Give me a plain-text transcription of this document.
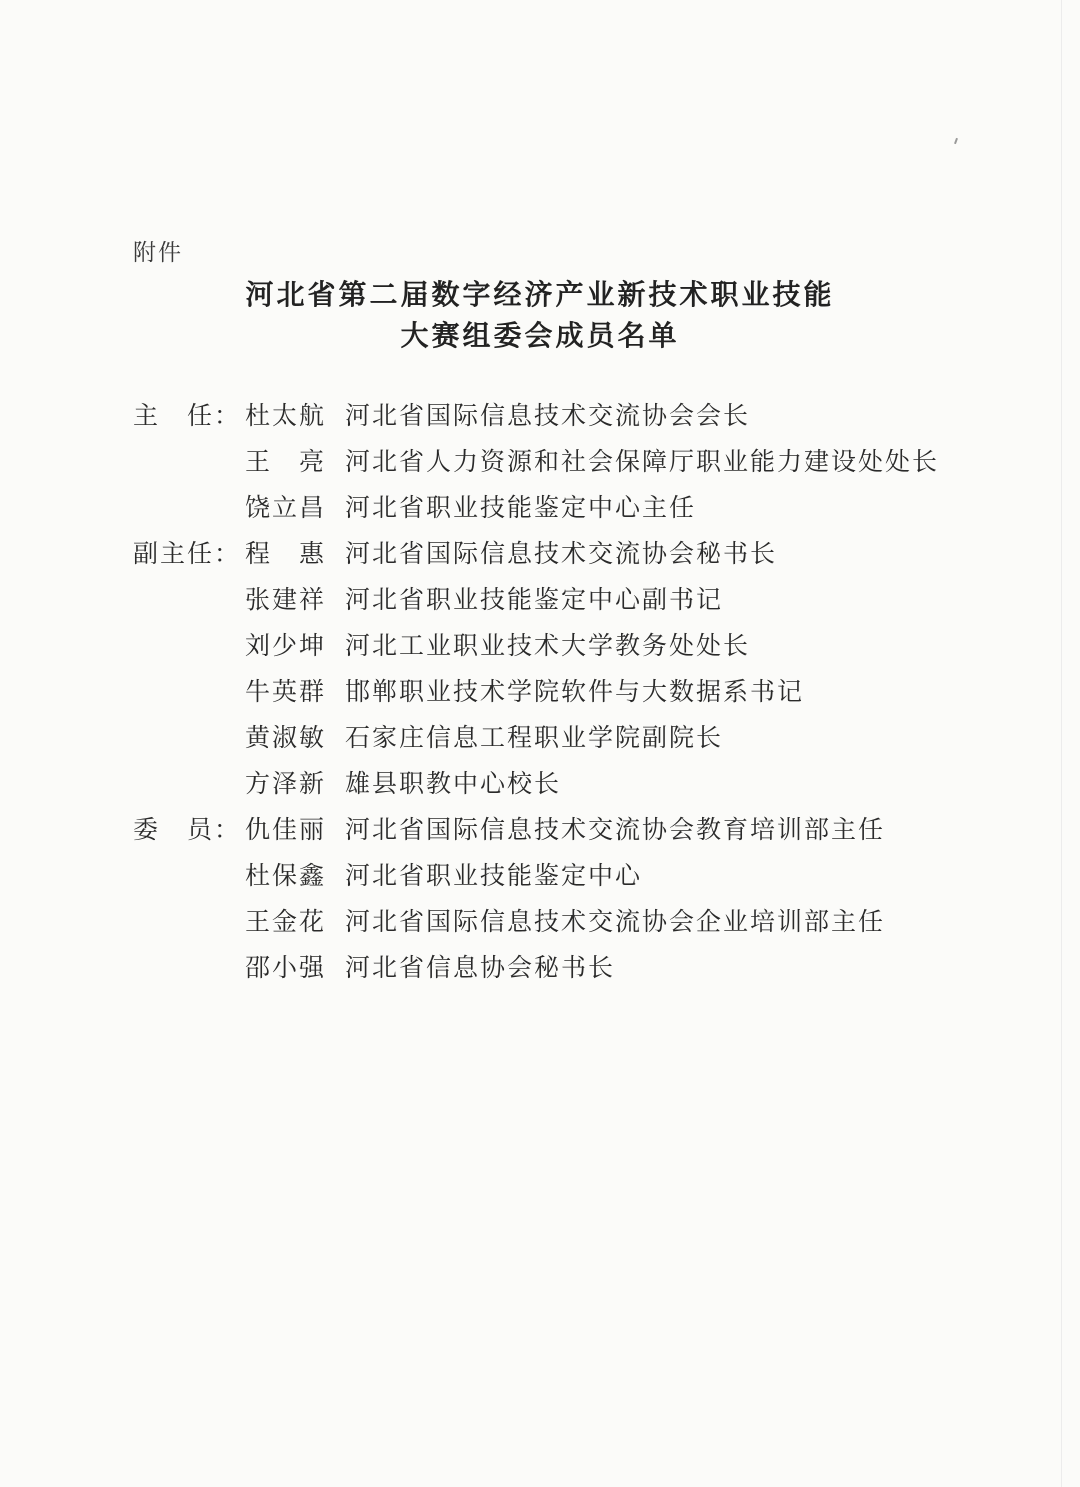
附件
河北省第二届数字经济产业新技术职业技能
大赛组委会成员名单
主　任： 杜太航 河北省国际信息技术交流协会会长
王　亮 河北省人力资源和社会保障厅职业能力建设处处长
饶立昌 河北省职业技能鉴定中心主任
副主任： 程　惠 河北省国际信息技术交流协会秘书长
张建祥 河北省职业技能鉴定中心副书记
刘少坤 河北工业职业技术大学教务处处长
牛英群 邯郸职业技术学院软件与大数据系书记
黄淑敏 石家庄信息工程职业学院副院长
方泽新 雄县职教中心校长
委　员： 仇佳丽 河北省国际信息技术交流协会教育培训部主任
杜保鑫 河北省职业技能鉴定中心
王金花 河北省国际信息技术交流协会企业培训部主任
邵小强 河北省信息协会秘书长
